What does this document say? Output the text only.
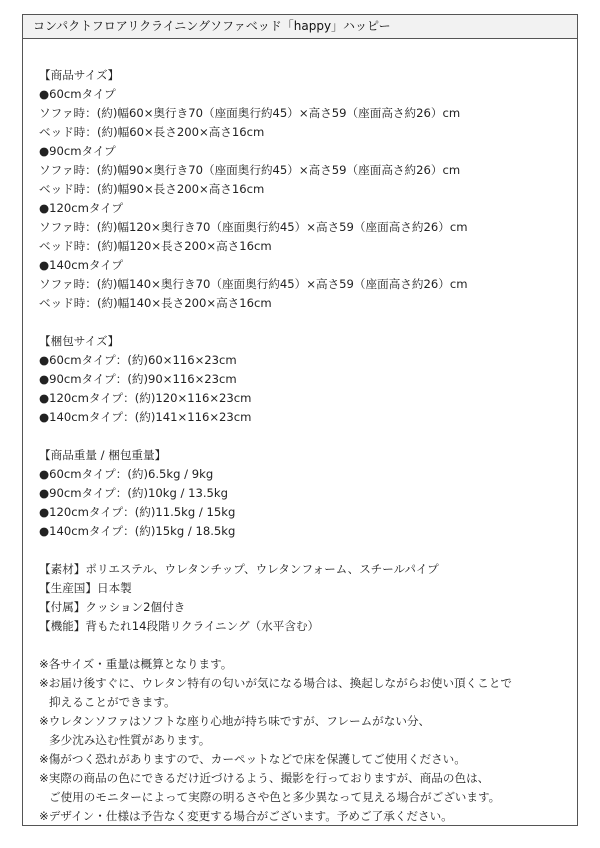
コンパクトフロアリクライニングソファベッド「happy」ハッピー
【商品サイズ】
●60cmタイプ
ソファ時：(約)幅60×奥行き70（座面奥行約45）×高さ59（座面高さ約26）cm
ベッド時：(約)幅60×長さ200×高さ16cm
●90cmタイプ
ソファ時：(約)幅90×奥行き70（座面奥行約45）×高さ59（座面高さ約26）cm
ベッド時：(約)幅90×長さ200×高さ16cm
●120cmタイプ
ソファ時：(約)幅120×奥行き70（座面奥行約45）×高さ59（座面高さ約26）cm
ベッド時：(約)幅120×長さ200×高さ16cm
●140cmタイプ
ソファ時：(約)幅140×奥行き70（座面奥行約45）×高さ59（座面高さ約26）cm
ベッド時：(約)幅140×長さ200×高さ16cm
【梱包サイズ】
●60cmタイプ：(約)60×116×23cm
●90cmタイプ：(約)90×116×23cm
●120cmタイプ：(約)120×116×23cm
●140cmタイプ：(約)141×116×23cm
【商品重量 / 梱包重量】
●60cmタイプ：(約)6.5kg / 9kg
●90cmタイプ：(約)10kg / 13.5kg
●120cmタイプ：(約)11.5kg / 15kg
●140cmタイプ：(約)15kg / 18.5kg
【素材】ポリエステル、ウレタンチップ、ウレタンフォーム、スチールパイプ
【生産国】日本製
【付属】クッション2個付き
【機能】背もたれ14段階リクライニング（水平含む）
※各サイズ・重量は概算となります。
※お届け後すぐに、ウレタン特有の匂いが気になる場合は、換起しながらお使い頂くことで
抑えることができます。
※ウレタンソファはソフトな座り心地が持ち味ですが、フレームがない分、
多少沈み込む性質があります。
※傷がつく恐れがありますので、カーペットなどで床を保護してご使用ください。
※実際の商品の色にできるだけ近づけるよう、撮影を行っておりますが、商品の色は、
ご使用のモニターによって実際の明るさや色と多少異なって見える場合がございます。
※デザイン・仕様は予告なく変更する場合がございます。予めご了承ください。
